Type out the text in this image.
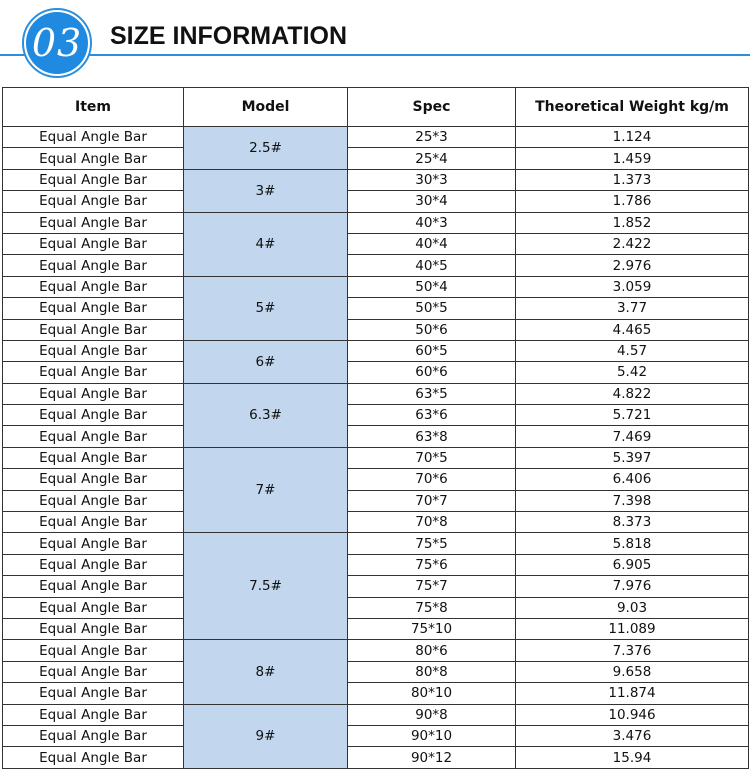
03 SIZE INFORMATION
Item	Model	Spec	Theoretical Weight kg/m
Equal Angle Bar	2.5#	25*3	1.124
Equal Angle Bar		25*4	1.459
Equal Angle Bar	3#	30*3	1.373
Equal Angle Bar		30*4	1.786
Equal Angle Bar	4#	40*3	1.852
Equal Angle Bar		40*4	2.422
Equal Angle Bar		40*5	2.976
Equal Angle Bar	5#	50*4	3.059
Equal Angle Bar		50*5	3.77
Equal Angle Bar		50*6	4.465
Equal Angle Bar	6#	60*5	4.57
Equal Angle Bar		60*6	5.42
Equal Angle Bar	6.3#	63*5	4.822
Equal Angle Bar		63*6	5.721
Equal Angle Bar		63*8	7.469
Equal Angle Bar	7#	70*5	5.397
Equal Angle Bar		70*6	6.406
Equal Angle Bar		70*7	7.398
Equal Angle Bar		70*8	8.373
Equal Angle Bar	7.5#	75*5	5.818
Equal Angle Bar		75*6	6.905
Equal Angle Bar		75*7	7.976
Equal Angle Bar		75*8	9.03
Equal Angle Bar		75*10	11.089
Equal Angle Bar	8#	80*6	7.376
Equal Angle Bar		80*8	9.658
Equal Angle Bar		80*10	11.874
Equal Angle Bar	9#	90*8	10.946
Equal Angle Bar		90*10	3.476
Equal Angle Bar		90*12	15.94
